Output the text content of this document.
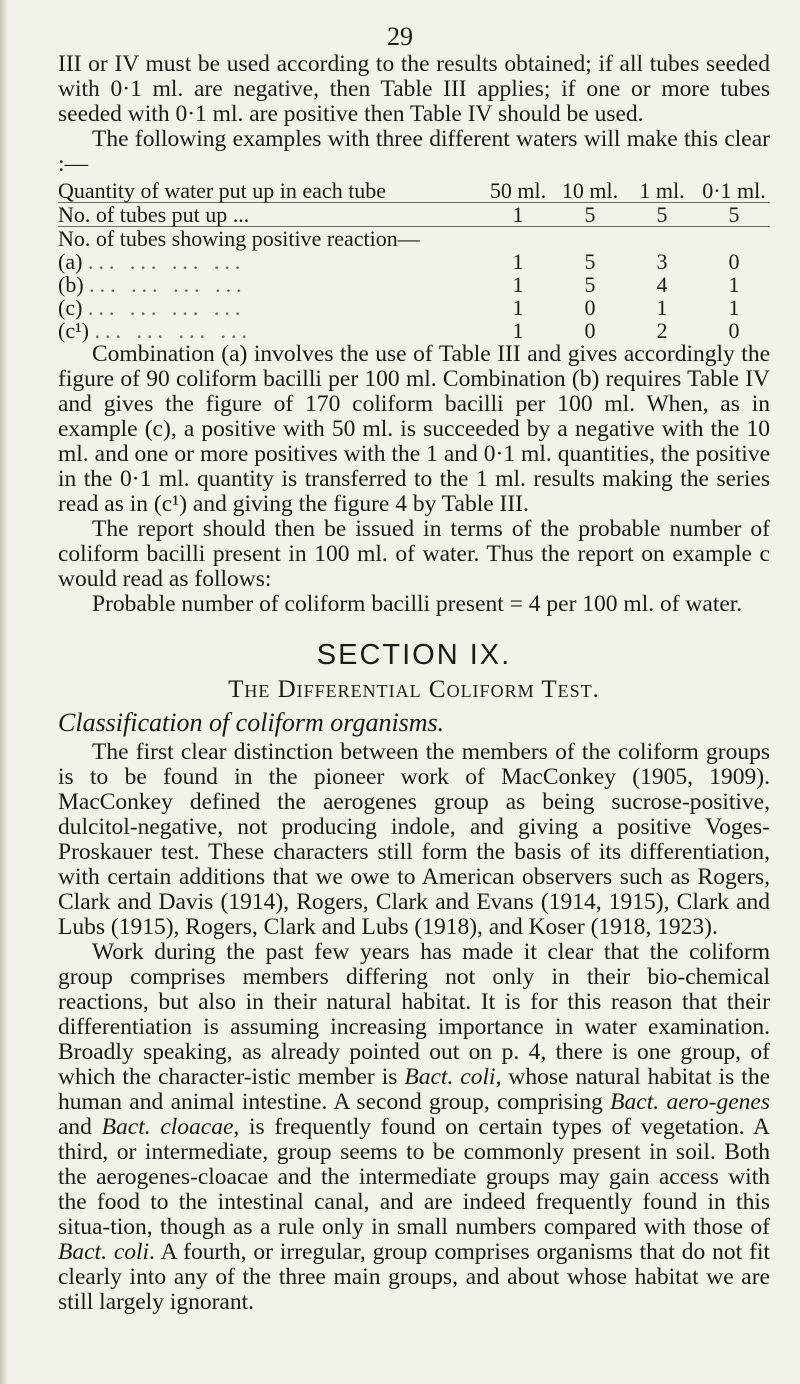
29

III or IV must be used according to the results obtained; if all tubes seeded with 0·1 ml. are negative, then Table III applies; if one or more tubes seeded with 0·1 ml. are positive then Table IV should be used.

The following examples with three different waters will make this clear :—

Quantity of water put up in each tube	50 ml.	10 ml.	1 ml.	0·1 ml.
No. of tubes put up ...	1	5	5	5
No. of tubes showing positive reaction—				
(a) ... ... ... ...	1	5	3	0
(b) ... ... ... ...	1	5	4	1
(c) ... ... ... ...	1	0	1	1
(c¹) ... ... ... ...	1	0	2	0

Combination (a) involves the use of Table III and gives accordingly the figure of 90 coliform bacilli per 100 ml. Combination (b) requires Table IV and gives the figure of 170 coliform bacilli per 100 ml. When, as in example (c), a positive with 50 ml. is succeeded by a negative with the 10 ml. and one or more positives with the 1 and 0·1 ml. quantities, the positive in the 0·1 ml. quantity is transferred to the 1 ml. results making the series read as in (c¹) and giving the figure 4 by Table III.

The report should then be issued in terms of the probable number of coliform bacilli present in 100 ml. of water. Thus the report on example c would read as follows:

Probable number of coliform bacilli present = 4 per 100 ml. of water.

SECTION IX.
The Differential Coliform Test.
Classification of coliform organisms.

The first clear distinction between the members of the coliform groups is to be found in the pioneer work of MacConkey (1905, 1909). MacConkey defined the aerogenes group as being sucrose-positive, dulcitol-negative, not producing indole, and giving a positive Voges-Proskauer test. These characters still form the basis of its differentiation, with certain additions that we owe to American observers such as Rogers, Clark and Davis (1914), Rogers, Clark and Evans (1914, 1915), Clark and Lubs (1915), Rogers, Clark and Lubs (1918), and Koser (1918, 1923).

Work during the past few years has made it clear that the coliform group comprises members differing not only in their bio-chemical reactions, but also in their natural habitat. It is for this reason that their differentiation is assuming increasing importance in water examination. Broadly speaking, as already pointed out on p. 4, there is one group, of which the character-istic member is Bact. coli, whose natural habitat is the human and animal intestine. A second group, comprising Bact. aero-genes and Bact. cloacae, is frequently found on certain types of vegetation. A third, or intermediate, group seems to be commonly present in soil. Both the aerogenes-cloacae and the intermediate groups may gain access with the food to the intestinal canal, and are indeed frequently found in this situa-tion, though as a rule only in small numbers compared with those of Bact. coli. A fourth, or irregular, group comprises organisms that do not fit clearly into any of the three main groups, and about whose habitat we are still largely ignorant.
